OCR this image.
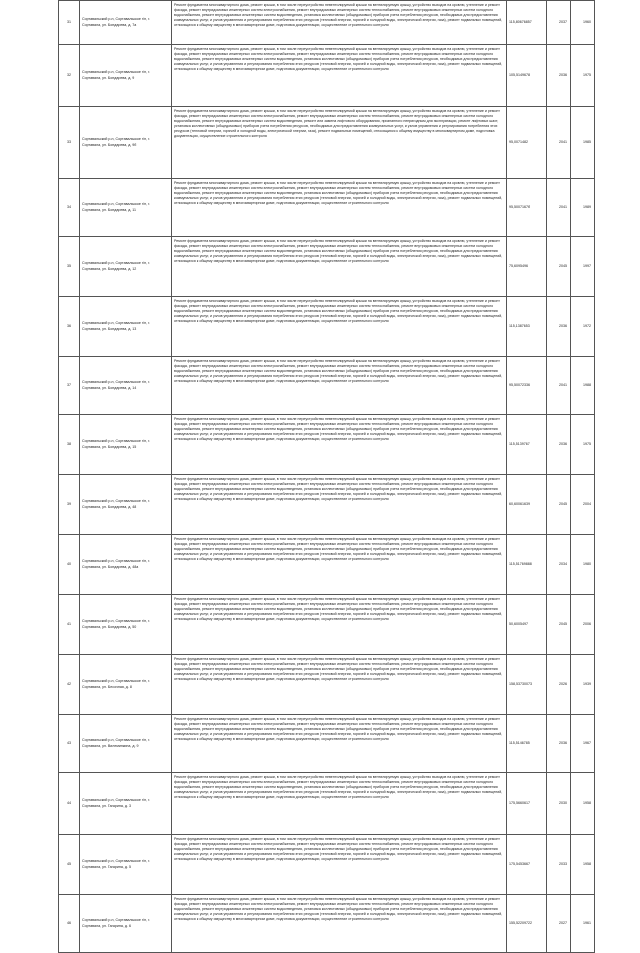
31	Сортавальский р-н, Сортавальское г/п, г. Сортавала, ул. Бондарева, д. 7а	Ремонт фундамента многоквартирного дома, ремонт крыши, в том числе переустройство невентилируемой крыши на вентилируемую крышу, устройство выходов на кровлю, утепление и ремонт фасада, ремонт внутридомовых инженерных систем электроснабжения, ремонт внутридомовых инженерных систем теплоснабжения, ремонт внутридомовых инженерных систем холодного водоснабжения, ремонт внутридомовых инженерных систем водоотведения, установка коллективных (общедомовых) приборов учета потребления ресурсов, необходимых для предоставления коммунальных услуг, и узлов управления и регулирования потребления этих ресурсов (тепловой энергии, горячей и холодной воды, электрической энергии, газа), ремонт подвальных помещений, относящихся к общему имуществу в многоквартирном доме, подготовка документации, осуществление строительного контроля	115,80676857	2037	1960
32	Сортавальский р-н, Сортавальское г/п, г. Сортавала, ул. Бондарева, д. 9	Ремонт фундамента многоквартирного дома, ремонт крыши, в том числе переустройство невентилируемой крыши на вентилируемую крышу, устройство выходов на кровлю, утепление и ремонт фасада, ремонт внутридомовых инженерных систем электроснабжения, ремонт внутридомовых инженерных систем теплоснабжения, ремонт внутридомовых инженерных систем холодного водоснабжения, ремонт внутридомовых инженерных систем водоотведения, установка коллективных (общедомовых) приборов учета потребления ресурсов, необходимых для предоставления коммунальных услуг, и узлов управления и регулирования потребления этих ресурсов (тепловой энергии, горячей и холодной воды, электрической энергии, газа), ремонт подвальных помещений, относящихся к общему имуществу в многоквартирном доме, подготовка документации, осуществление строительного контроля	105,5149678	2036	1975
33	Сортавальский р-н, Сортавальское г/п, г. Сортавала, ул. Бондарева, д. 9б	Ремонт фундамента многоквартирного дома, ремонт крыши, в том числе переустройство невентилируемой крыши на вентилируемую крышу, устройство выходов на кровлю, утепление и ремонт фасада, ремонт внутридомовых инженерных систем электроснабжения, ремонт внутридомовых инженерных систем теплоснабжения, ремонт внутридомовых инженерных систем холодного водоснабжения, ремонт внутридомовых инженерных систем водоотведения, ремонт или замена лифтового оборудования, признанного непригодным для эксплуатации, ремонт лифтовых шахт, установка коллективных (общедомовых) приборов учета потребления ресурсов, необходимых для предоставления коммунальных услуг, и узлов управления и регулирования потребления этих ресурсов (тепловой энергии, горячей и холодной воды, электрической энергии, газа), ремонт подвальных помещений, относящихся к общему имуществу в многоквартирном доме, подготовка документации, осуществление строительного контроля	95,0071482	2041	1985
34	Сортавальский р-н, Сортавальское г/п, г. Сортавала, ул. Бондарева, д. 11	Ремонт фундамента многоквартирного дома, ремонт крыши, в том числе переустройство невентилируемой крыши на вентилируемую крышу, устройство выходов на кровлю, утепление и ремонт фасада, ремонт внутридомовых инженерных систем электроснабжения, ремонт внутридомовых инженерных систем теплоснабжения, ремонт внутридомовых инженерных систем холодного водоснабжения, ремонт внутридомовых инженерных систем водоотведения, установка коллективных (общедомовых) приборов учета потребления ресурсов, необходимых для предоставления коммунальных услуг, и узлов управления и регулирования потребления этих ресурсов (тепловой энергии, горячей и холодной воды, электрической энергии, газа), ремонт подвальных помещений, относящихся к общему имуществу в многоквартирном доме, подготовка документации, осуществление строительного контроля	95,5007167б	2041	1989
35	Сортавальский р-н, Сортавальское г/п, г. Сортавала, ул. Бондарева, д. 12	Ремонт фундамента многоквартирного дома, ремонт крыши, в том числе переустройство невентилируемой крыши на вентилируемую крышу, устройство выходов на кровлю, утепление и ремонт фасада, ремонт внутридомовых инженерных систем электроснабжения, ремонт внутридомовых инженерных систем теплоснабжения, ремонт внутридомовых инженерных систем холодного водоснабжения, ремонт внутридомовых инженерных систем водоотведения, установка коллективных (общедомовых) приборов учета потребления ресурсов, необходимых для предоставления коммунальных услуг, и узлов управления и регулирования потребления этих ресурсов (тепловой энергии, горячей и холодной воды, электрической энергии, газа), ремонт подвальных помещений, относящихся к общему имуществу в многоквартирном доме, подготовка документации, осуществление строительного контроля	75,6095496	2045	1997
36	Сортавальский р-н, Сортавальское г/п, г. Сортавала, ул. Бондарева, д. 13	Ремонт фундамента многоквартирного дома, ремонт крыши, в том числе переустройство невентилируемой крыши на вентилируемую крышу, устройство выходов на кровлю, утепление и ремонт фасада, ремонт внутридомовых инженерных систем электроснабжения, ремонт внутридомовых инженерных систем теплоснабжения, ремонт внутридомовых инженерных систем холодного водоснабжения, ремонт внутридомовых инженерных систем водоотведения, установка коллективных (общедомовых) приборов учета потребления ресурсов, необходимых для предоставления коммунальных услуг, и узлов управления и регулирования потребления этих ресурсов (тепловой энергии, горячей и холодной воды, электрической энергии, газа), ремонт подвальных помещений, относящихся к общему имуществу в многоквартирном доме, подготовка документации, осуществление строительного контроля	115,1387653	2036	1972
37	Сортавальский р-н, Сортавальское г/п, г. Сортавала, ул. Бондарева, д. 14	Ремонт фундамента многоквартирного дома, ремонт крыши, в том числе переустройство невентилируемой крыши на вентилируемую крышу, устройство выходов на кровлю, утепление и ремонт фасада, ремонт внутридомовых инженерных систем электроснабжения, ремонт внутридомовых инженерных систем теплоснабжения, ремонт внутридомовых инженерных систем холодного водоснабжения, ремонт внутридомовых инженерных систем водоотведения, установка коллективных (общедомовых) приборов учета потребления ресурсов, необходимых для предоставления коммунальных услуг, и узлов управления и регулирования потребления этих ресурсов (тепловой энергии, горячей и холодной воды, электрической энергии, газа), ремонт подвальных помещений, относящихся к общему имуществу в многоквартирном доме, подготовка документации, осуществление строительного контроля	95,50072336	2041	1988
38	Сортавальский р-н, Сортавальское г/п, г. Сортавала, ул. Бондарева, д. 15	Ремонт фундамента многоквартирного дома, ремонт крыши, в том числе переустройство невентилируемой крыши на вентилируемую крышу, устройство выходов на кровлю, утепление и ремонт фасада, ремонт внутридомовых инженерных систем электроснабжения, ремонт внутридомовых инженерных систем теплоснабжения, ремонт внутридомовых инженерных систем холодного водоснабжения, ремонт внутридомовых инженерных систем водоотведения, установка коллективных (общедомовых) приборов учета потребления ресурсов, необходимых для предоставления коммунальных услуг, и узлов управления и регулирования потребления этих ресурсов (тепловой энергии, горячей и холодной воды, электрической энергии, газа), ремонт подвальных помещений, относящихся к общему имуществу в многоквартирном доме, подготовка документации, осуществление строительного контроля	115,5139767	2036	1975
39	Сортавальский р-н, Сортавальское г/п, г. Сортавала, ул. Бондарева, д. 48	Ремонт фундамента многоквартирного дома, ремонт крыши, в том числе переустройство невентилируемой крыши на вентилируемую крышу, устройство выходов на кровлю, утепление и ремонт фасада, ремонт внутридомовых инженерных систем электроснабжения, ремонт внутридомовых инженерных систем теплоснабжения, ремонт внутридомовых инженерных систем холодного водоснабжения, ремонт внутридомовых инженерных систем водоотведения, установка коллективных (общедомовых) приборов учета потребления ресурсов, необходимых для предоставления коммунальных услуг, и узлов управления и регулирования потребления этих ресурсов (тепловой энергии, горячей и холодной воды, электрической энергии, газа), ремонт подвальных помещений, относящихся к общему имуществу в многоквартирном доме, подготовка документации, осуществление строительного контроля	60,60061639	2045	2004
40	Сортавальский р-н, Сортавальское г/п, г. Сортавала, ул. Бондарева, д. 48а	Ремонт фундамента многоквартирного дома, ремонт крыши, в том числе переустройство невентилируемой крыши на вентилируемую крышу, устройство выходов на кровлю, утепление и ремонт фасада, ремонт внутридомовых инженерных систем электроснабжения, ремонт внутридомовых инженерных систем теплоснабжения, ремонт внутридомовых инженерных систем холодного водоснабжения, ремонт внутридомовых инженерных систем водоотведения, установка коллективных (общедомовых) приборов учета потребления ресурсов, необходимых для предоставления коммунальных услуг, и узлов управления и регулирования потребления этих ресурсов (тепловой энергии, горячей и холодной воды, электрической энергии, газа), ремонт подвальных помещений, относящихся к общему имуществу в многоквартирном доме, подготовка документации, осуществление строительного контроля	115,51769888	2034	1980
41	Сортавальский р-н, Сортавальское г/п, г. Сортавала, ул. Бондарева, д. 50	Ремонт фундамента многоквартирного дома, ремонт крыши, в том числе переустройство невентилируемой крыши на вентилируемую крышу, устройство выходов на кровлю, утепление и ремонт фасада, ремонт внутридомовых инженерных систем электроснабжения, ремонт внутридомовых инженерных систем теплоснабжения, ремонт внутридомовых инженерных систем холодного водоснабжения, ремонт внутридомовых инженерных систем водоотведения, установка коллективных (общедомовых) приборов учета потребления ресурсов, необходимых для предоставления коммунальных услуг, и узлов управления и регулирования потребления этих ресурсов (тепловой энергии, горячей и холодной воды, электрической энергии, газа), ремонт подвальных помещений, относящихся к общему имуществу в многоквартирном доме, подготовка документации, осуществление строительного контроля	50,6005497	2045	2006
42	Сортавальский р-н, Сортавальское г/п, г. Сортавала, ул. Бесочная, д. 8	Ремонт фундамента многоквартирного дома, ремонт крыши, в том числе переустройство невентилируемой крыши на вентилируемую крышу, устройство выходов на кровлю, утепление и ремонт фасада, ремонт внутридомовых инженерных систем электроснабжения, ремонт внутридомовых инженерных систем теплоснабжения, ремонт внутридомовых инженерных систем холодного водоснабжения, ремонт внутридомовых инженерных систем водоотведения, установка коллективных (общедомовых) приборов учета потребления ресурсов, необходимых для предоставления коммунальных услуг, и узлов управления и регулирования потребления этих ресурсов (тепловой энергии, горячей и холодной воды, электрической энергии, газа), ремонт подвальных помещений, относящихся к общему имуществу в многоквартирном доме, подготовка документации, осуществление строительного контроля	158,53730073	2026	1939
43	Сортавальский р-н, Сортавальское г/п, г. Сортавала, ул. Вилеминкина, д. 9	Ремонт фундамента многоквартирного дома, ремонт крыши, в том числе переустройство невентилируемой крыши на вентилируемую крышу, устройство выходов на кровлю, утепление и ремонт фасада, ремонт внутридомовых инженерных систем электроснабжения, ремонт внутридомовых инженерных систем теплоснабжения, ремонт внутридомовых инженерных систем холодного водоснабжения, ремонт внутридомовых инженерных систем водоотведения, установка коллективных (общедомовых) приборов учета потребления ресурсов, необходимых для предоставления коммунальных услуг, и узлов управления и регулирования потребления этих ресурсов (тепловой энергии, горячей и холодной воды, электрической энергии, газа), ремонт подвальных помещений, относящихся к общему имуществу в многоквартирном доме, подготовка документации, осуществление строительного контроля	115,5146785	2036	1967
44	Сортавальский р-н, Сортавальское г/п, г. Сортавала, ул. Гагарина, д. 3	Ремонт фундамента многоквартирного дома, ремонт крыши, в том числе переустройство невентилируемой крыши на вентилируемую крышу, устройство выходов на кровлю, утепление и ремонт фасада, ремонт внутридомовых инженерных систем электроснабжения, ремонт внутридомовых инженерных систем теплоснабжения, ремонт внутридомовых инженерных систем холодного водоснабжения, ремонт внутридомовых инженерных систем водоотведения, установка коллективных (общедомовых) приборов учета потребления ресурсов, необходимых для предоставления коммунальных услуг, и узлов управления и регулирования потребления этих ресурсов (тепловой энергии, горячей и холодной воды, электрической энергии, газа), ремонт подвальных помещений, относящихся к общему имуществу в многоквартирном доме, подготовка документации, осуществление строительного контроля	175,5660617	2030	1958
45	Сортавальский р-н, Сортавальское г/п, г. Сортавала, ул. Гагарина, д. 5	Ремонт фундамента многоквартирного дома, ремонт крыши, в том числе переустройство невентилируемой крыши на вентилируемую крышу, устройство выходов на кровлю, утепление и ремонт фасада, ремонт внутридомовых инженерных систем электроснабжения, ремонт внутридомовых инженерных систем теплоснабжения, ремонт внутридомовых инженерных систем холодного водоснабжения, ремонт внутридомовых инженерных систем водоотведения, установка коллективных (общедомовых) приборов учета потребления ресурсов, необходимых для предоставления коммунальных услуг, и узлов управления и регулирования потребления этих ресурсов (тепловой энергии, горячей и холодной воды, электрической энергии, газа), ремонт подвальных помещений, относящихся к общему имуществу в многоквартирном доме, подготовка документации, осуществление строительного контроля	175,5453667	2033	1958
46	Сортавальский р-н, Сортавальское г/п, г. Сортавала, ул. Гагарина, д. 6	Ремонт фундамента многоквартирного дома, ремонт крыши, в том числе переустройство невентилируемой крыши на вентилируемую крышу, устройство выходов на кровлю, утепление и ремонт фасада, ремонт внутридомовых инженерных систем электроснабжения, ремонт внутридомовых инженерных систем теплоснабжения, ремонт внутридомовых инженерных систем холодного водоснабжения, ремонт внутридомовых инженерных систем водоотведения, установка коллективных (общедомовых) приборов учета потребления ресурсов, необходимых для предоставления коммунальных услуг, и узлов управления и регулирования потребления этих ресурсов (тепловой энергии, горячей и холодной воды, электрической энергии, газа), ремонт подвальных помещений, относящихся к общему имуществу в многоквартирном доме, подготовка документации, осуществление строительного контроля	155,52209722	2027	1961
